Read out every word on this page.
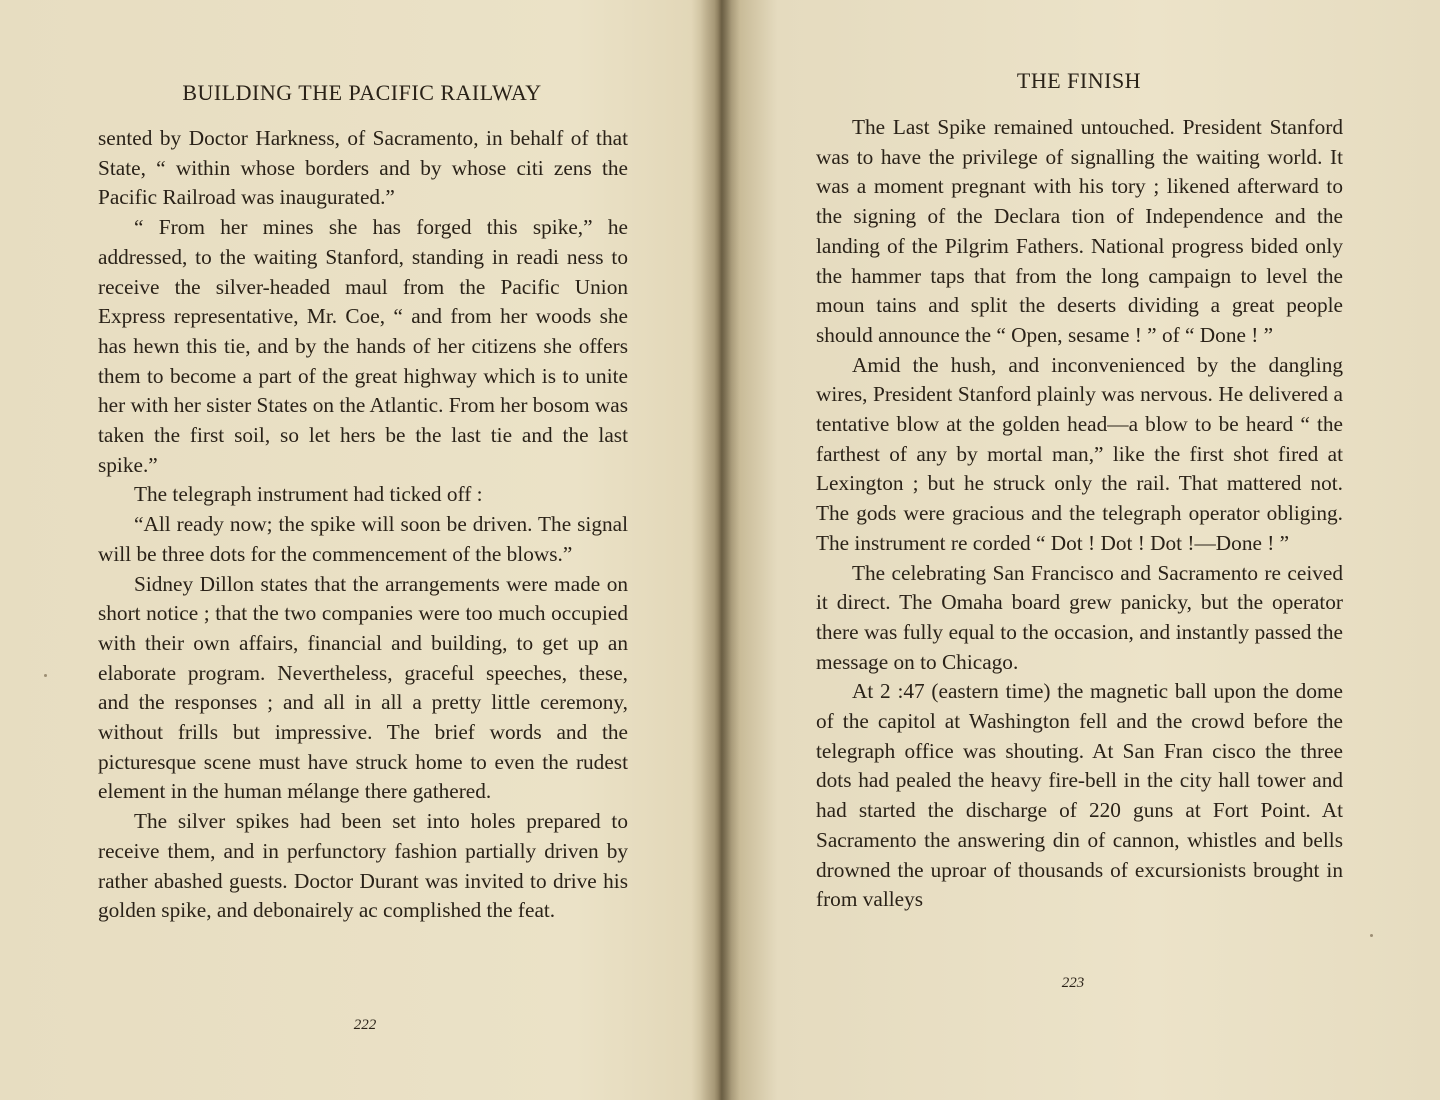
BUILDING THE PACIFIC RAILWAY

sented by Doctor Harkness, of Sacramento, in behalf of that State, “ within whose borders and by whose citi zens the Pacific Railroad was inaugurated.”

“ From her mines she has forged this spike,” he addressed, to the waiting Stanford, standing in readi ness to receive the silver-headed maul from the Pacific Union Express representative, Mr. Coe, “ and from her woods she has hewn this tie, and by the hands of her citizens she offers them to become a part of the great highway which is to unite her with her sister States on the Atlantic. From her bosom was taken the first soil, so let hers be the last tie and the last spike.”

The telegraph instrument had ticked off :

“All ready now; the spike will soon be driven. The signal will be three dots for the commencement of the blows.”

Sidney Dillon states that the arrangements were made on short notice ; that the two companies were too much occupied with their own affairs, financial and building, to get up an elaborate program. Nevertheless, graceful speeches, these, and the responses ; and all in all a pretty little ceremony, without frills but impressive. The brief words and the picturesque scene must have struck home to even the rudest element in the human mélange there gathered.

The silver spikes had been set into holes prepared to receive them, and in perfunctory fashion partially driven by rather abashed guests. Doctor Durant was invited to drive his golden spike, and debonairely ac complished the feat.

222
THE FINISH

The Last Spike remained untouched. President Stanford was to have the privilege of signalling the waiting world. It was a moment pregnant with his tory ; likened afterward to the signing of the Declara tion of Independence and the landing of the Pilgrim Fathers. National progress bided only the hammer taps that from the long campaign to level the moun tains and split the deserts dividing a great people should announce the “ Open, sesame ! ” of “ Done ! ”

Amid the hush, and inconvenienced by the dangling wires, President Stanford plainly was nervous. He delivered a tentative blow at the golden head—a blow to be heard “ the farthest of any by mortal man,” like the first shot fired at Lexington ; but he struck only the rail. That mattered not. The gods were gracious and the telegraph operator obliging. The instrument re corded “ Dot ! Dot ! Dot !—Done ! ”

The celebrating San Francisco and Sacramento re ceived it direct. The Omaha board grew panicky, but the operator there was fully equal to the occasion, and instantly passed the message on to Chicago.

At 2 :47 (eastern time) the magnetic ball upon the dome of the capitol at Washington fell and the crowd before the telegraph office was shouting. At San Fran cisco the three dots had pealed the heavy fire-bell in the city hall tower and had started the discharge of 220 guns at Fort Point. At Sacramento the answering din of cannon, whistles and bells drowned the uproar of thousands of excursionists brought in from valleys

223
